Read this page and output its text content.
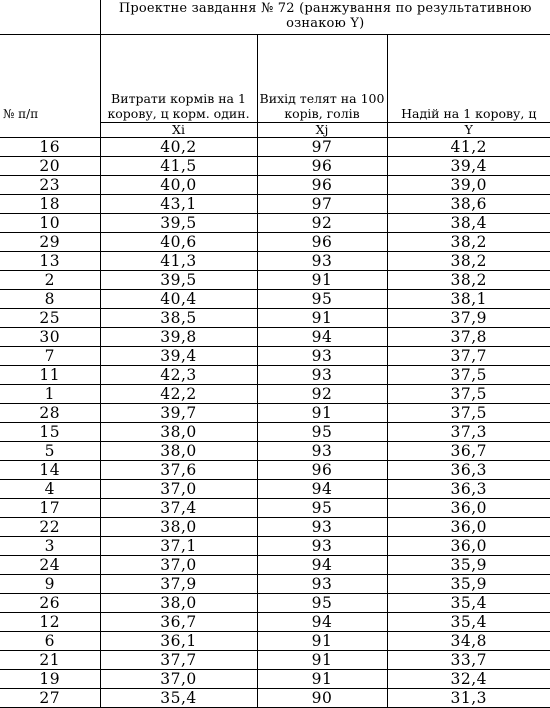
	Проектне завдання № 72 (ранжування по результативною ознакою Y)		
№ п/п	Витрати кормів на 1 корову, ц корм. один.	Вихід телят на 100 корів, голів	Надій на 1 корову, ц
	Xi	Xj	Y
16	40,2	97	41,2
20	41,5	96	39,4
23	40,0	96	39,0
18	43,1	97	38,6
10	39,5	92	38,4
29	40,6	96	38,2
13	41,3	93	38,2
2	39,5	91	38,2
8	40,4	95	38,1
25	38,5	91	37,9
30	39,8	94	37,8
7	39,4	93	37,7
11	42,3	93	37,5
1	42,2	92	37,5
28	39,7	91	37,5
15	38,0	95	37,3
5	38,0	93	36,7
14	37,6	96	36,3
4	37,0	94	36,3
17	37,4	95	36,0
22	38,0	93	36,0
3	37,1	93	36,0
24	37,0	94	35,9
9	37,9	93	35,9
26	38,0	95	35,4
12	36,7	94	35,4
6	36,1	91	34,8
21	37,7	91	33,7
19	37,0	91	32,4
27	35,4	90	31,3
